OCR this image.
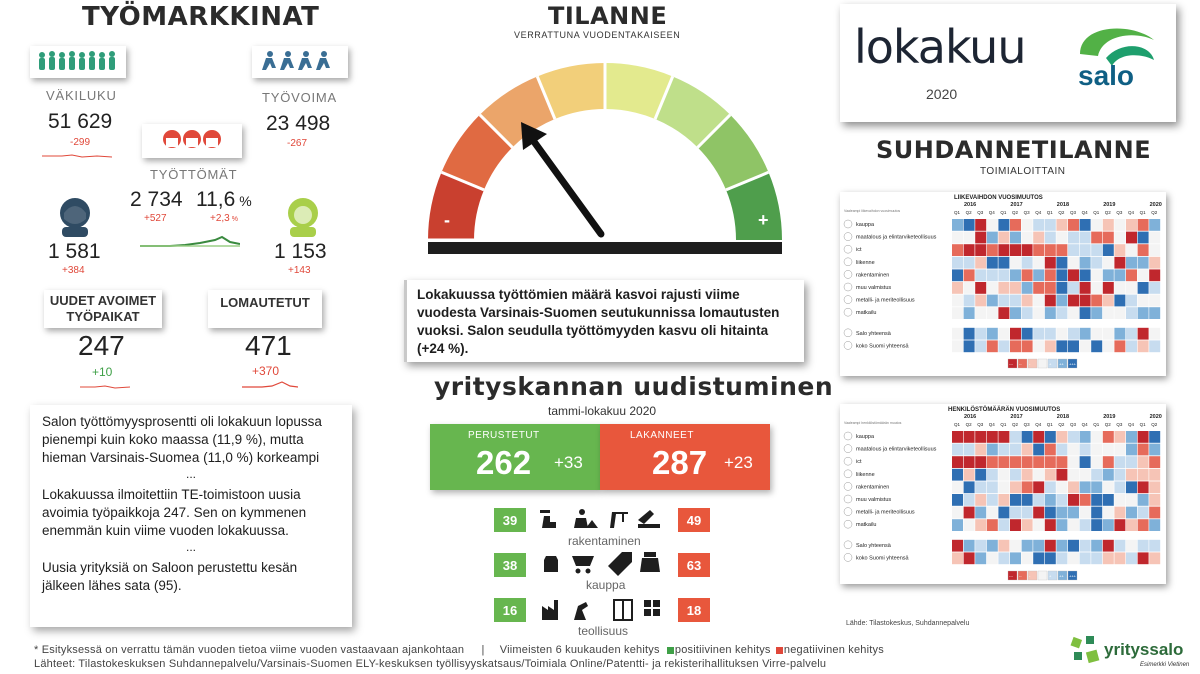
TYÖMARKKINAT
VÄKILUKU
51 629
-299
TYÖVOIMA
23 498
-267
TYÖTTÖMÄT
2 734
+527
11,6 %
+2,3 %
1 581
+384
1 153
+143
UUDET AVOIMET TYÖPAIKAT
247
+10
LOMAUTETUT
471
+370

Salon työttömyysprosentti oli lokakuun lopussa pienempi kuin koko maassa (11,9 %), mutta hieman Varsinais-Suomea (11,0 %) korkeampi

...

Lokakuussa ilmoitettiin TE-toimistoon uusia avoimia työpaikkoja 247. Sen on kymmenen enemmän kuin viime vuoden lokakuussa.

...

Uusia yrityksiä on Saloon perustettu kesän jälkeen lähes sata (95).

TILANNE
VERRATTUNA VUODENTAKAISEEN
-	+
Lokakuussa työttömien määrä kasvoi rajusti viime vuodesta Varsinais-Suomen seutukunnissa lomautusten vuoksi. Salon seudulla työttömyyden kasvu oli hitainta (+24 %).
yrityskannan uudistuminen
tammi-lokakuu 2020
PERUSTETUT
262 +33
LAKANNEET
287 +23
39	49
rakentaminen
38	63
kauppa
16	18
teollisuus
lokakuu
2020
salo
SUHDANNETILANNE
TOIMIALOITTAIN
LIIKEVAIHDON VUOSIMUUTOS
Vaaleampi liikevaihdon vuosimuutos
2016	2017	2018	2019	2020
Q1 Q2 Q3 Q4 Q1 Q2 Q3 Q4 Q1 Q2 Q3 Q4 Q1 Q2 Q3 Q4 Q1 Q2
kauppa
maatalous ja elintarviketeollisuus
ict
liikenne
rakentaminen
muu valmistus
metalli- ja meriteollisuus
matkailu
Salo yhteensä
koko Suomi yhteensä
--- -- -	+ ++ +++
HENKILÖSTÖMÄÄRÄN VUOSIMUUTOS
Vaaleampi henkilöstömäärän muutos
2016	2017	2018	2019	2020
Q1 Q2 Q3 Q4 Q1 Q2 Q3 Q4 Q1 Q2 Q3 Q4 Q1 Q2 Q3 Q4 Q1 Q2
kauppa
maatalous ja elintarviketeollisuus
ict
liikenne
rakentaminen
muu valmistus
metalli- ja meriteollisuus
matkailu
Salo yhteensä
koko Suomi yhteensä
--- -- -	+ ++ +++
Lähde: Tilastokeskus, Suhdannepalvelu
* Esityksessä on verrattu tämän vuoden tietoa viime vuoden vastaavaan ajankohtaan | Viimeisten 6 kuukauden kehitys positiivinen kehitys negatiivinen kehitys
Lähteet: Tilastokeskuksen Suhdannepalvelu/Varsinais-Suomen ELY-keskuksen työllisyyskatsaus/Toimiala Online/Patentti- ja rekisterihallituksen Virre-palvelu
yrityssalo
Esimerkki Vietinen
